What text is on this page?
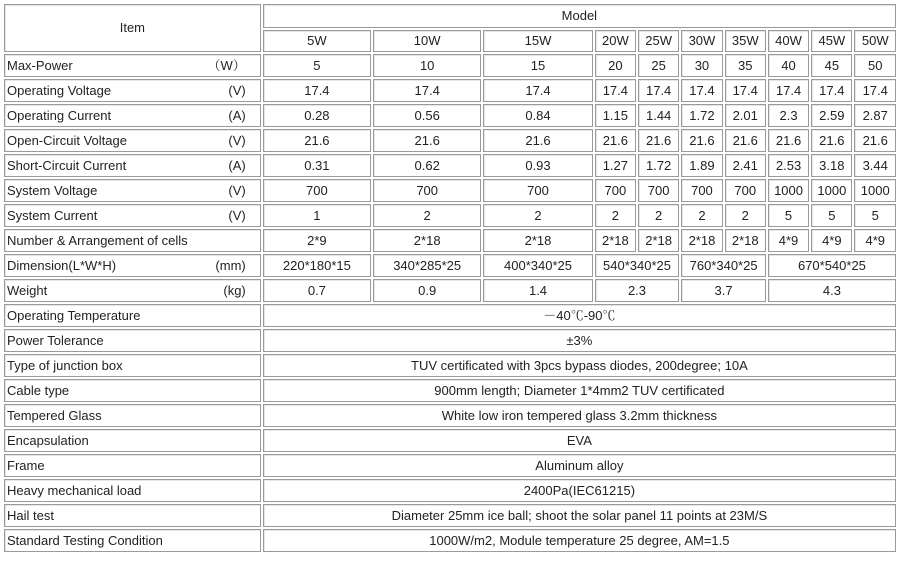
Item	Model									
	5W	10W	15W	20W	25W	30W	35W	40W	45W	50W

Max-Power （W）	5	10	15	20	25	30	35	40	45	50

Operating Voltage (V)	17.4	17.4	17.4	17.4	17.4	17.4	17.4	17.4	17.4	17.4

Operating Current (A)	0.28	0.56	0.84	1.15	1.44	1.72	2.01	2.3	2.59	2.87

Open-Circuit Voltage (V)	21.6	21.6	21.6	21.6	21.6	21.6	21.6	21.6	21.6	21.6

Short-Circuit Current (A)	0.31	0.62	0.93	1.27	1.72	1.89	2.41	2.53	3.18	3.44

System Voltage (V)	700	700	700	700	700	700	700	1000	1000	1000

System Current (V)	1	2	2	2	2	2	2	5	5	5

Number & Arrangement of cells	2*9	2*18	2*18	2*18	2*18	2*18	2*18	4*9	4*9	4*9

Dimension(L*W*H) (mm)	220*180*15	340*285*25	400*340*25	540*340*25		760*340*25		670*540*25		

Weight (kg)	0.7	0.9	1.4	2.3		3.7		4.3		
Operating Temperature	－40℃-90℃									
Power Tolerance	±3%									
Type of junction box	TUV certificated with 3pcs bypass diodes, 200degree; 10A									
Cable type	900mm length; Diameter 1*4mm2 TUV certificated									
Tempered Glass	White low iron tempered glass 3.2mm thickness									
Encapsulation	EVA									
Frame	Aluminum alloy									
Heavy mechanical load	2400Pa(IEC61215)									
Hail test	Diameter 25mm ice ball; shoot the solar panel 11 points at 23M/S									
Standard Testing Condition	1000W/m2, Module temperature 25 degree, AM=1.5									
